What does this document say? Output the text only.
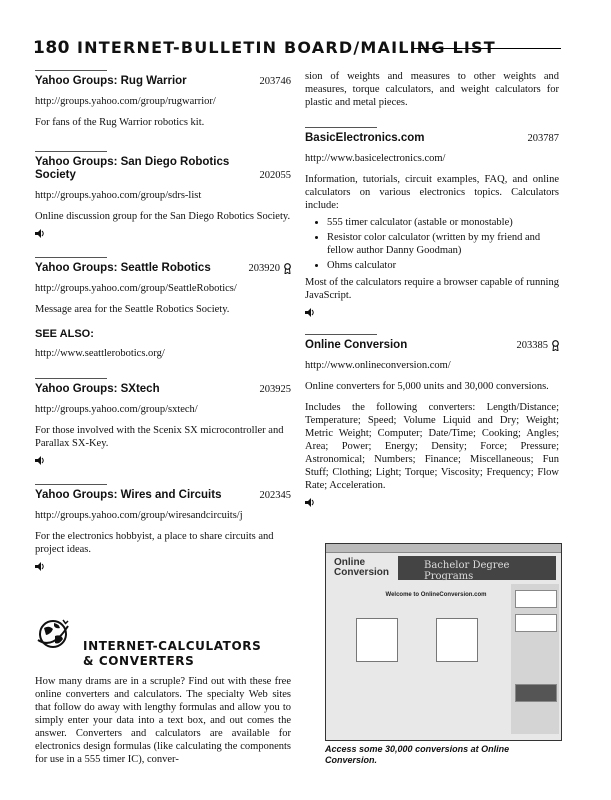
180 INTERNET-BULLETIN BOARD/MAILING LIST
Yahoo Groups: Rug Warrior	203746
http://groups.yahoo.com/group/rugwarrior/
For fans of the Rug Warrior robotics kit.
Yahoo Groups: San Diego Robotics Society	202055
http://groups.yahoo.com/group/sdrs-list
Online discussion group for the San Diego Robotics Society.
Yahoo Groups: Seattle Robotics	203920
http://groups.yahoo.com/group/SeattleRobotics/
Message area for the Seattle Robotics Society.
SEE ALSO:
http://www.seattlerobotics.org/
Yahoo Groups: SXtech	203925
http://groups.yahoo.com/group/sxtech/
For those involved with the Scenix SX microcontroller and Parallax SX-Key.
Yahoo Groups: Wires and Circuits	202345
http://groups.yahoo.com/group/wiresandcircuits/j
For the electronics hobbyist, a place to share circuits and project ideas.
INTERNET-CALCULATORS
& CONVERTERS
How many drams are in a scruple? Find out with these free online converters and calculators. The specialty Web sites that follow do away with lengthy formulas and allow you to simply enter your data into a text box, and out comes the answer. Converters and calculators are available for electronics design formulas (like calculating the components for use in a 555 timer IC), conver-
sion of weights and measures to other weights and measures, torque calculators, and weight calculators for plastic and metal pieces.
BasicElectronics.com	203787
http://www.basicelectronics.com/
Information, tutorials, circuit examples, FAQ, and online calculators on various electronics topics. Calculators include:
• 555 timer calculator (astable or monostable)
• Resistor color calculator (written by my friend and fellow author Danny Goodman)
• Ohms calculator
Most of the calculators require a browser capable of running JavaScript.
Online Conversion	203385
http://www.onlineconversion.com/
Online converters for 5,000 units and 30,000 conversions.
Includes the following converters: Length/Distance; Temperature; Speed; Volume Liquid and Dry; Weight; Metric Weight; Computer; Date/Time; Cooking; Angles; Area; Power; Energy; Density; Force; Pressure; Astronomical; Numbers; Finance; Miscellaneous; Fun Stuff; Clothing; Light; Torque; Viscosity; Frequency; Flow Rate; Acceleration.
Online
Conversion
Bachelor Degree Programs
Welcome to OnlineConversion.com
Access some 30,000 conversions at Online Conversion.
